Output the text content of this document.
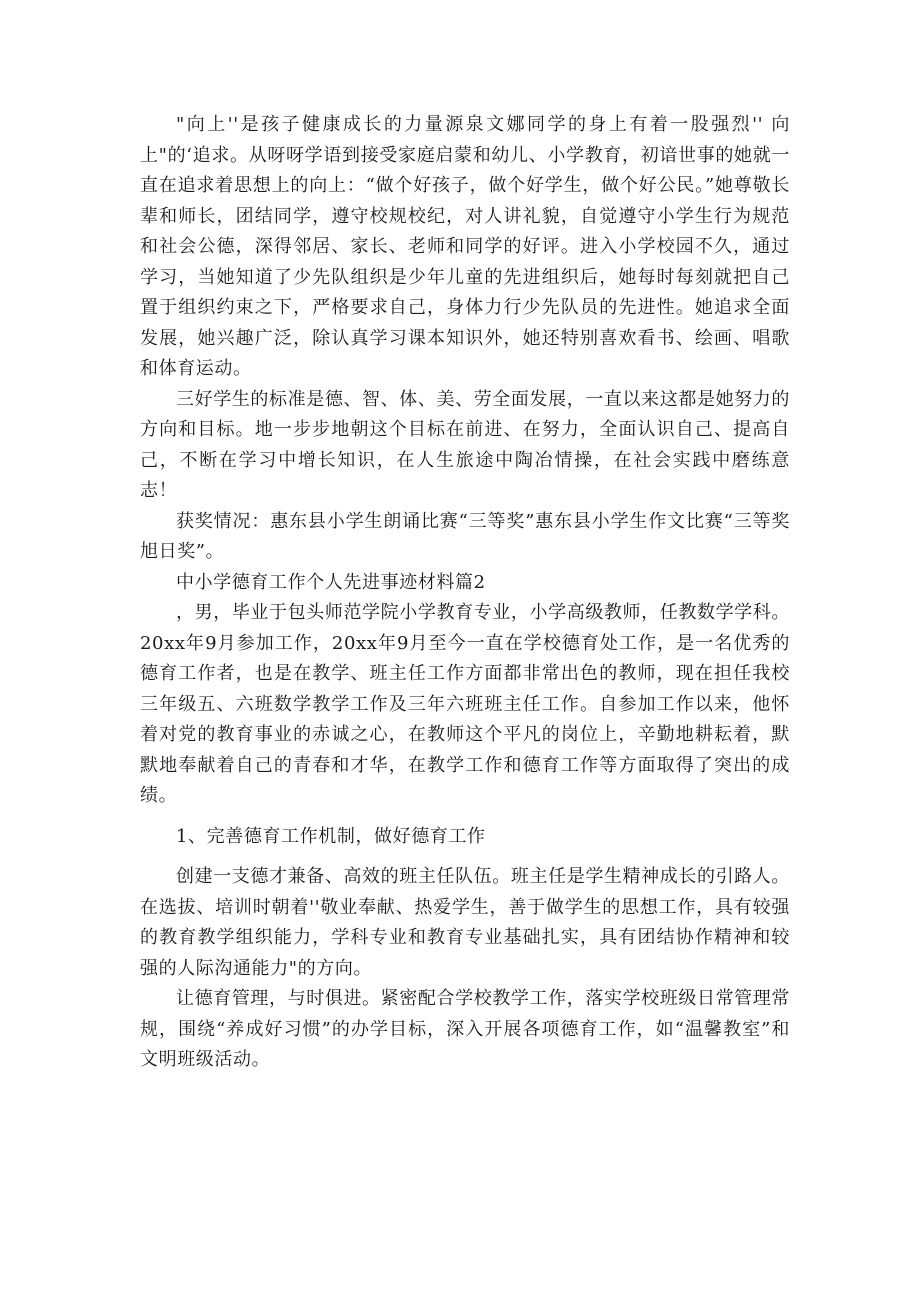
"向上''是孩子健康成长的力量源泉文娜同学的身上有着一股强烈'' 向上"的‘追求。从呀呀学语到接受家庭启蒙和幼儿、小学教育，初谙世事的她就一直在追求着思想上的向上：“做个好孩子，做个好学生，做个好公民。”她尊敬长辈和师长，团结同学，遵守校规校纪，对人讲礼貌，自觉遵守小学生行为规范和社会公德，深得邻居、家长、老师和同学的好评。进入小学校园不久，通过学习，当她知道了少先队组织是少年儿童的先进组织后，她每时每刻就把自己置于组织约束之下，严格要求自己，身体力行少先队员的先进性。她追求全面发展，她兴趣广泛，除认真学习课本知识外，她还特别喜欢看书、绘画、唱歌和体育运动。

三好学生的标准是德、智、体、美、劳全面发展，一直以来这都是她努力的方向和目标。地一步步地朝这个目标在前进、在努力，全面认识自己、提高自己，不断在学习中增长知识，在人生旅途中陶冶情操，在社会实践中磨练意志！

获奖情况：惠东县小学生朗诵比赛“三等奖”惠东县小学生作文比赛“三等奖旭日奖”。

中小学德育工作个人先进事迹材料篇2

，男，毕业于包头师范学院小学教育专业，小学高级教师，任教数学学科。20xx年9月参加工作，20xx年9月至今一直在学校德育处工作，是一名优秀的德育工作者，也是在教学、班主任工作方面都非常出色的教师，现在担任我校三年级五、六班数学教学工作及三年六班班主任工作。自参加工作以来，他怀着对党的教育事业的赤诚之心，在教师这个平凡的岗位上，辛勤地耕耘着，默默地奉献着自己的青春和才华，在教学工作和德育工作等方面取得了突出的成绩。

1、完善德育工作机制，做好德育工作

创建一支德才兼备、高效的班主任队伍。班主任是学生精神成长的引路人。在选拔、培训时朝着''敬业奉献、热爱学生，善于做学生的思想工作，具有较强的教育教学组织能力，学科专业和教育专业基础扎实，具有团结协作精神和较强的人际沟通能力"的方向。

让德育管理，与时俱进。紧密配合学校教学工作，落实学校班级日常管理常规，围绕“养成好习惯”的办学目标，深入开展各项德育工作，如“温馨教室”和文明班级活动。
